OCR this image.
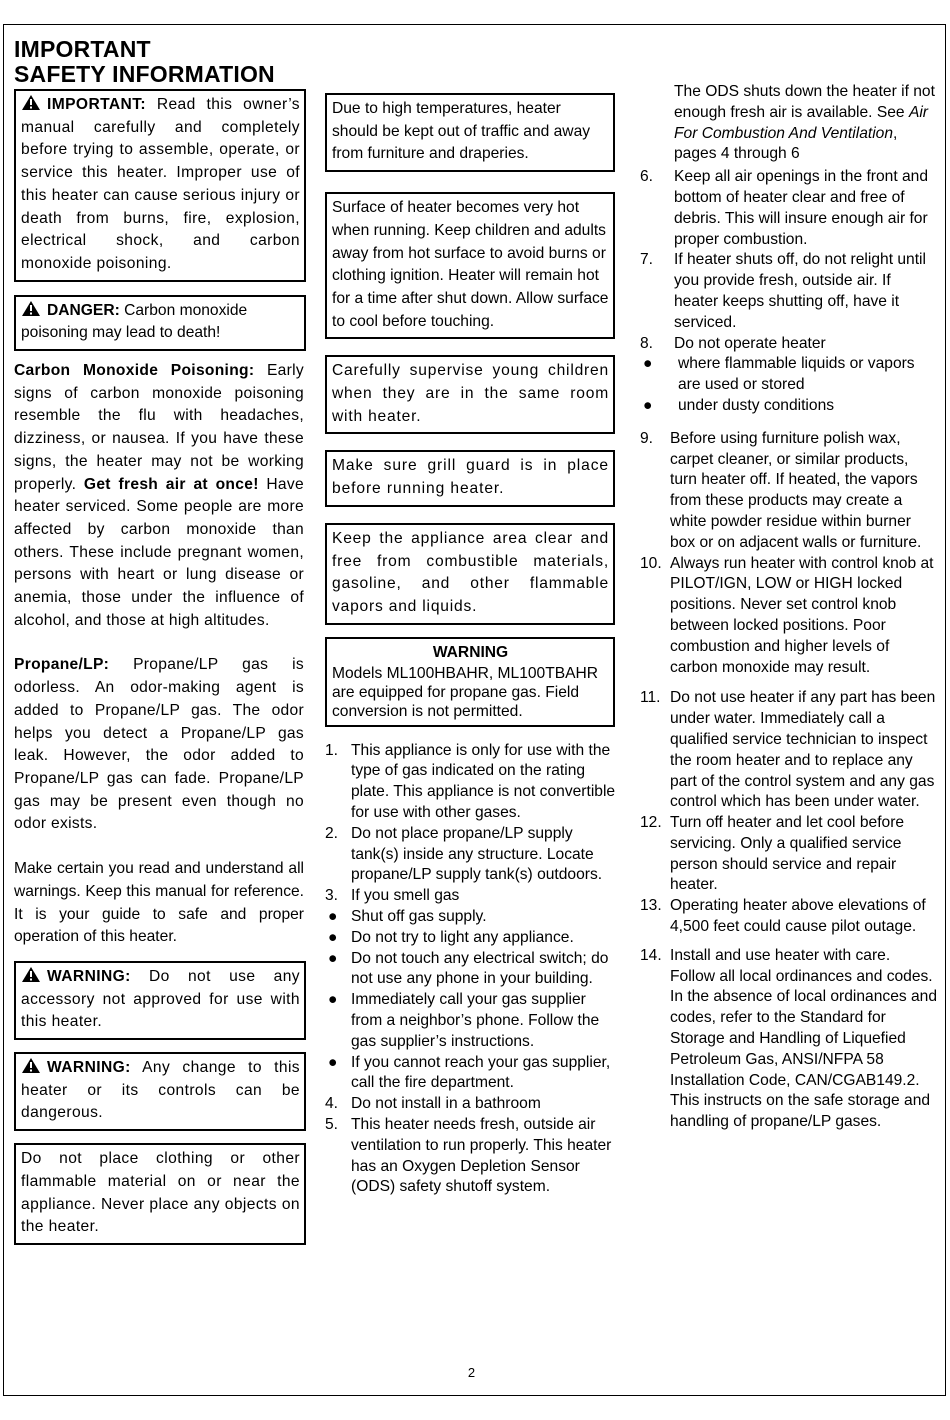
IMPORTANT
SAFETY INFORMATION
IMPORTANT: Read this owner’s manual carefully and completely before trying to assemble, operate, or service this heater. Improper use of this heater can cause serious injury or death from burns, fire, explosion, electrical shock, and carbon monoxide poisoning.
DANGER: Carbon monoxide poisoning may lead to death!
Carbon Monoxide Poisoning: Early signs of carbon monoxide poisoning resemble the flu with headaches, dizziness, or nausea. If you have these signs, the heater may not be working properly. Get fresh air at once! Have heater serviced. Some people are more affected by carbon monoxide than others. These include pregnant women, persons with heart or lung disease or anemia, those under the influence of alcohol, and those at high altitudes.
Propane/LP: Propane/LP gas is odorless. An odor-making agent is added to Propane/LP gas. The odor helps you detect a Propane/LP gas leak. However, the odor added to Propane/LP gas can fade. Propane/LP gas may be present even though no odor exists.
Make certain you read and understand all warnings. Keep this manual for reference. It is your guide to safe and proper operation of this heater.
WARNING: Do not use any accessory not approved for use with this heater.
WARNING: Any change to this heater or its controls can be dangerous.
Do not place clothing or other flammable material on or near the appliance. Never place any objects on the heater.
Due to high temperatures, heater should be kept out of traffic and away from furniture and draperies.
Surface of heater becomes very hot when running. Keep children and adults away from hot surface to avoid burns or clothing ignition. Heater will remain hot for a time after shut down. Allow surface to cool before touching.
Carefully supervise young children when they are in the same room with heater.
Make sure grill guard is in place before running heater.
Keep the appliance area clear and free from combustible materials, gasoline, and other flammable vapors and liquids.
WARNING
Models ML100HBAHR, ML100TBAHR are equipped for propane gas. Field conversion is not permitted.
1. This appliance is only for use with the type of gas indicated on the rating plate. This appliance is not convertible for use with other gases.
2. Do not place propane/LP supply tank(s) inside any structure. Locate propane/LP supply tank(s) outdoors.
3. If you smell gas
● Shut off gas supply.
● Do not try to light any appliance.
● Do not touch any electrical switch; do not use any phone in your building.
● Immediately call your gas supplier from a neighbor’s phone. Follow the gas supplier’s instructions.
● If you cannot reach your gas supplier, call the fire department.
4. Do not install in a bathroom
5. This heater needs fresh, outside air ventilation to run properly. This heater has an Oxygen Depletion Sensor (ODS) safety shutoff system.
The ODS shuts down the heater if not enough fresh air is available. See Air For Combustion And Ventilation, pages 4 through 6
6.	Keep all air openings in the front and bottom of heater clear and free of debris. This will insure enough air for proper combustion.
7.	If heater shuts off, do not relight until you provide fresh, outside air. If heater keeps shutting off, have it serviced.
8.	Do not operate heater
●	where flammable liquids or vapors are used or stored
●	under dusty conditions
9.	Before using furniture polish wax, carpet cleaner, or similar products, turn heater off. If heated, the vapors from these products may create a white powder residue within burner box or on adjacent walls or furniture.
10. Always run heater with control knob at PILOT/IGN, LOW or HIGH locked positions. Never set control knob between locked positions. Poor combustion and higher levels of carbon monoxide may result.
11. Do not use heater if any part has been under water. Immediately call a qualified service technician to inspect the room heater and to replace any part of the control system and any gas control which has been under water.
12. Turn off heater and let cool before servicing. Only a qualified service person should service and repair heater.
13. Operating heater above elevations of 4,500 feet could cause pilot outage.
14. Install and use heater with care. Follow all local ordinances and codes. In the absence of local ordinances and codes, refer to the Standard for Storage and Handling of Liquefied Petroleum Gas, ANSI/NFPA 58 Installation Code, CAN/CGAB149.2. This instructs on the safe storage and handling of propane/LP gases.
2
